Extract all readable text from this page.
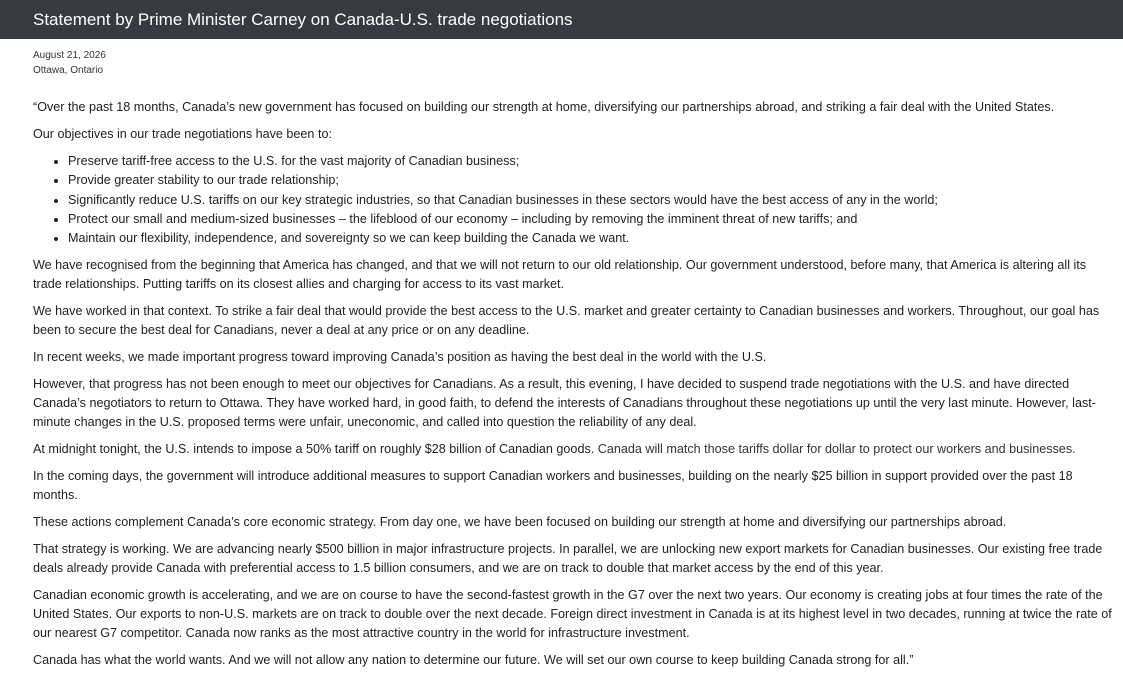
Statement by Prime Minister Carney on Canada-U.S. trade negotiations
August 21, 2026
Ottawa, Ontario

“Over the past 18 months, Canada’s new government has focused on building our strength at home, diversifying our partnerships abroad, and striking a fair deal with the United States.

Our objectives in our trade negotiations have been to:

• Preserve tariff-free access to the U.S. for the vast majority of Canadian business;
• Provide greater stability to our trade relationship;
• Significantly reduce U.S. tariffs on our key strategic industries, so that Canadian businesses in these sectors would have the best access of any in the world;
• Protect our small and medium-sized businesses – the lifeblood of our economy – including by removing the imminent threat of new tariffs; and
• Maintain our flexibility, independence, and sovereignty so we can keep building the Canada we want.

We have recognised from the beginning that America has changed, and that we will not return to our old relationship. Our government understood, before many, that America is altering all its trade relationships. Putting tariffs on its closest allies and charging for access to its vast market.

We have worked in that context. To strike a fair deal that would provide the best access to the U.S. market and greater certainty to Canadian businesses and workers. Throughout, our goal has been to secure the best deal for Canadians, never a deal at any price or on any deadline.

In recent weeks, we made important progress toward improving Canada’s position as having the best deal in the world with the U.S.

However, that progress has not been enough to meet our objectives for Canadians. As a result, this evening, I have decided to suspend trade negotiations with the U.S. and have directed Canada’s negotiators to return to Ottawa. They have worked hard, in good faith, to defend the interests of Canadians throughout these negotiations up until the very last minute. However, last-minute changes in the U.S. proposed terms were unfair, uneconomic, and called into question the reliability of any deal.

At midnight tonight, the U.S. intends to impose a 50% tariff on roughly $28 billion of Canadian goods. Canada will match those tariffs dollar for dollar to protect our workers and businesses.

In the coming days, the government will introduce additional measures to support Canadian workers and businesses, building on the nearly $25 billion in support provided over the past 18 months.

These actions complement Canada’s core economic strategy. From day one, we have been focused on building our strength at home and diversifying our partnerships abroad.

That strategy is working. We are advancing nearly $500 billion in major infrastructure projects. In parallel, we are unlocking new export markets for Canadian businesses. Our existing free trade deals already provide Canada with preferential access to 1.5 billion consumers, and we are on track to double that market access by the end of this year.

Canadian economic growth is accelerating, and we are on course to have the second-fastest growth in the G7 over the next two years. Our economy is creating jobs at four times the rate of the United States. Our exports to non-U.S. markets are on track to double over the next decade. Foreign direct investment in Canada is at its highest level in two decades, running at twice the rate of our nearest G7 competitor. Canada now ranks as the most attractive country in the world for infrastructure investment.

Canada has what the world wants. And we will not allow any nation to determine our future. We will set our own course to keep building Canada strong for all.”
